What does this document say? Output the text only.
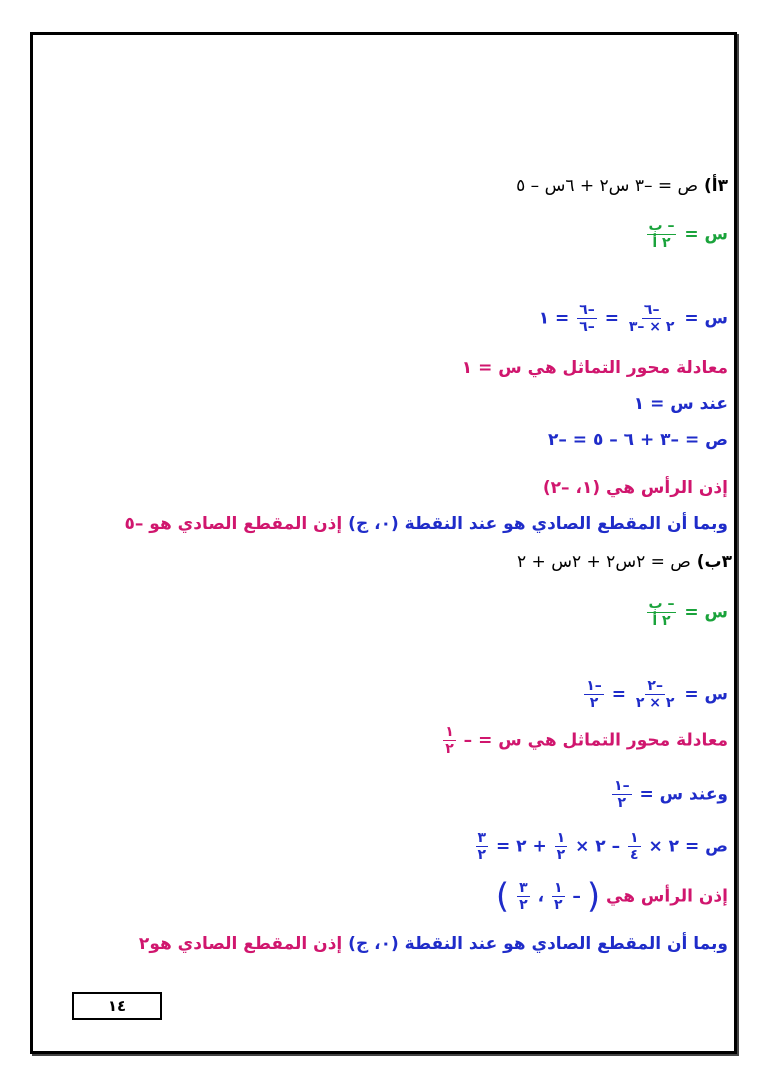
٣أ) ص = –٣ س٢ + ٦س – ٥
س =
$\frac{\text{– ب}}{\text{٢ أ}}$
س =
$\frac{-٦}{٢ \times -٣}$
=
$\frac{-٦}{-٦}$
= ١
معادلة محور التماثل هي س = ١
عند س = ١
ص = –٣ + ٦ – ٥ = –٢
إذن الرأس هي (١، –٢)
وبما أن المقطع الصادي هو عند النقطة (٠، ج) إذن المقطع الصادي هو –٥
٣ب) ص = ٢س٢ + ٢س + ٢
س =
$\frac{\text{– ب}}{\text{٢ أ}}$
س =
$\frac{-٢}{٢ \times ٢}$
=
$\frac{-١}{٢}$
معادلة محور التماثل هي س = –
$\frac{١}{٢}$
وعند س =
$\frac{-١}{٢}$
ص = ٢ ×
$\frac{١}{٤}$
– ٢ ×
$\frac{١}{٢}$
+ ٢ =
$\frac{٣}{٢}$
إذن الرأس هي ( –
$\frac{١}{٢}$
،
$\frac{٣}{٢}$
)
وبما أن المقطع الصادي هو عند النقطة (٠، ج) إذن المقطع الصادي هو٢
١٤
